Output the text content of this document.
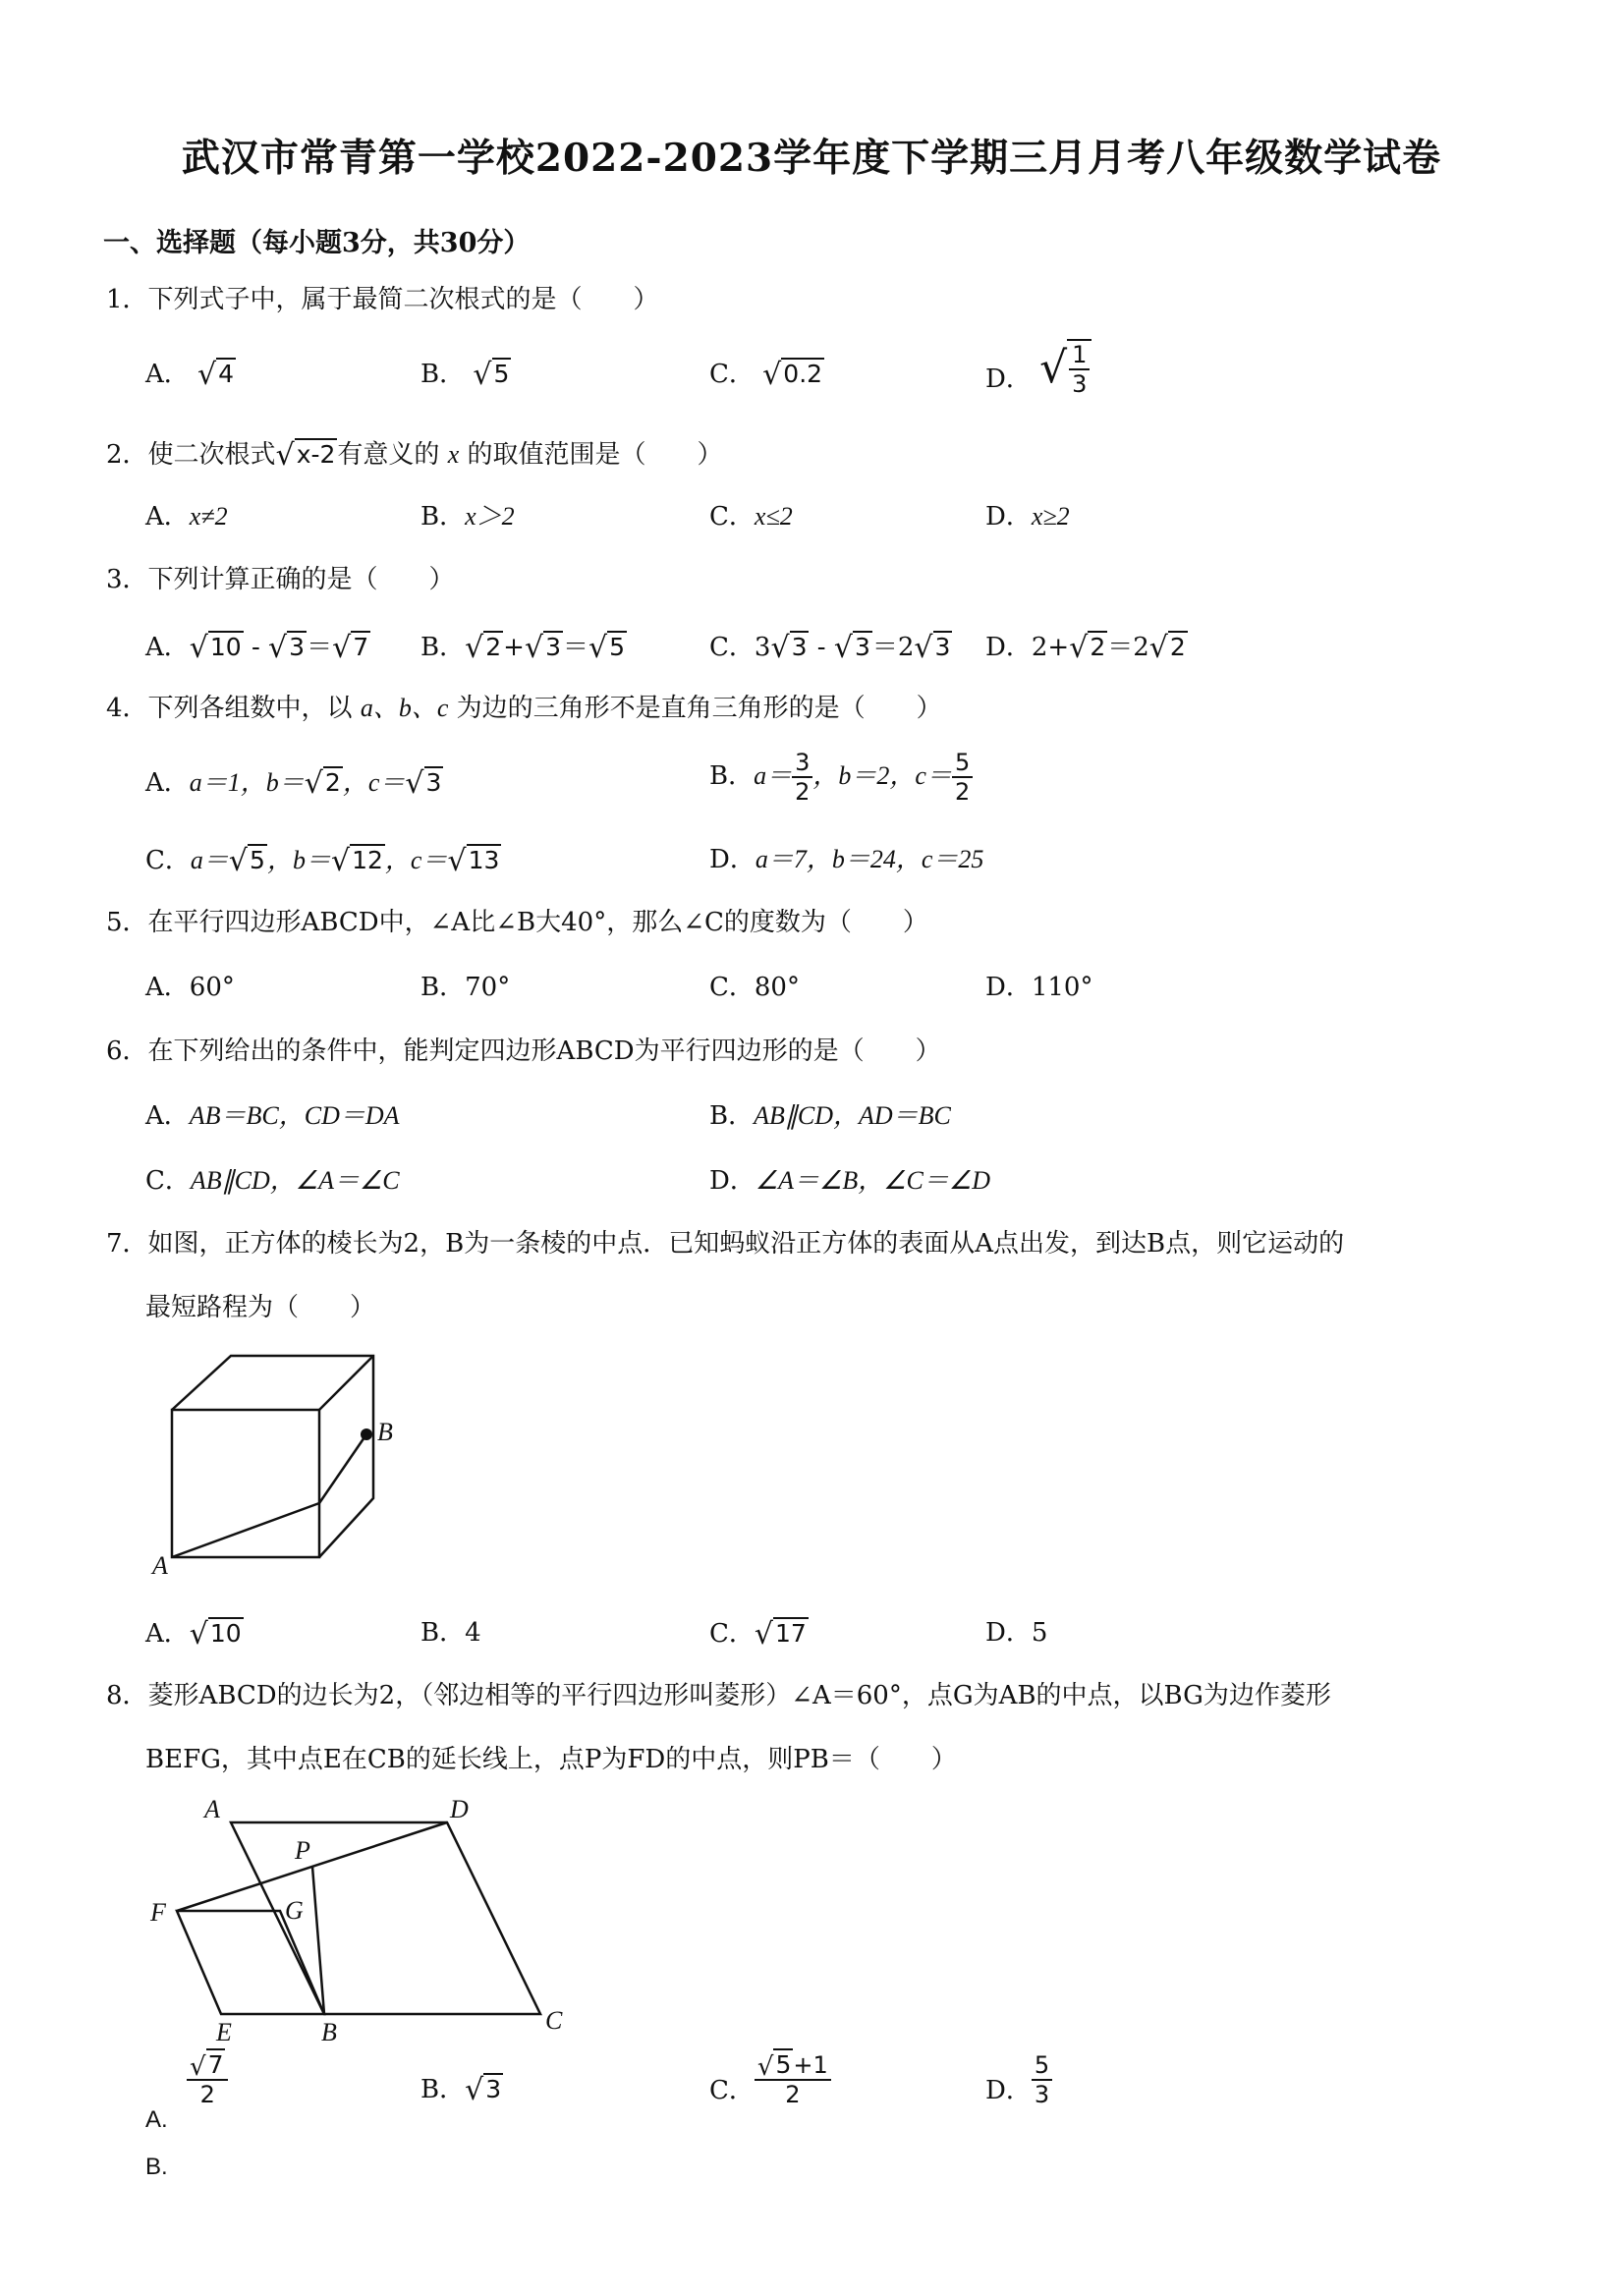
武汉市常青第一学校2022-2023学年度下学期三月月考八年级数学试卷
一、选择题（每小题3分，共30分）
1．下列式子中，属于最简二次根式的是（　　）
A． √4	B． √5	C． √0.2	D． √ $\frac{1}{3}$
2．使二次根式√x-2有意义的 x 的取值范围是（　　）
A．x≠2	B．x＞2	C．x≤2	D．x≥2
3．下列计算正确的是（　　）
A．√10 - √3＝√7 B．√2+√3＝√5	C．3√3 - √3＝2√3 D．2+√2＝2√2
4．下列各组数中，以 a、b、c 为边的三角形不是直角三角形的是（　　）
A．a＝1，b＝√2，c＝√3	B．$a= \frac{3}{2}$ ，b＝2，$c= \frac{5}{2}$
C．a＝√5，b＝√12，c＝√13	D．a＝7，b＝24，c＝25
5．在平行四边形ABCD中，∠A比∠B大40°，那么∠C的度数为（　　）
A．60°	B．70°	C．80°	D．110°
6．在下列给出的条件中，能判定四边形ABCD为平行四边形的是（　　）
A．AB＝BC，CD＝DA	B．AB∥CD，AD＝BC
C．AB∥CD，∠A＝∠C	D．∠A＝∠B，∠C＝∠D
7．如图，正方体的棱长为2，B为一条棱的中点．已知蚂蚁沿正方体的表面从A点出发，到达B点，则它运动的
最短路程为（　　）
A
B
A．√10	B．4	C．√17	D．5
8．菱形ABCD的边长为2，（邻边相等的平行四边形叫菱形）∠A＝60°，点G为AB的中点，以BG为边作菱形
BEFG，其中点E在CB的延长线上，点P为FD的中点，则PB＝（　　）
A	D
P
F	G
E	B	C
$\frac{√7}{2}$
A.
B．√3	C． $\frac{√5+1}{2}$	D． $\frac{5}{3}$
B.
